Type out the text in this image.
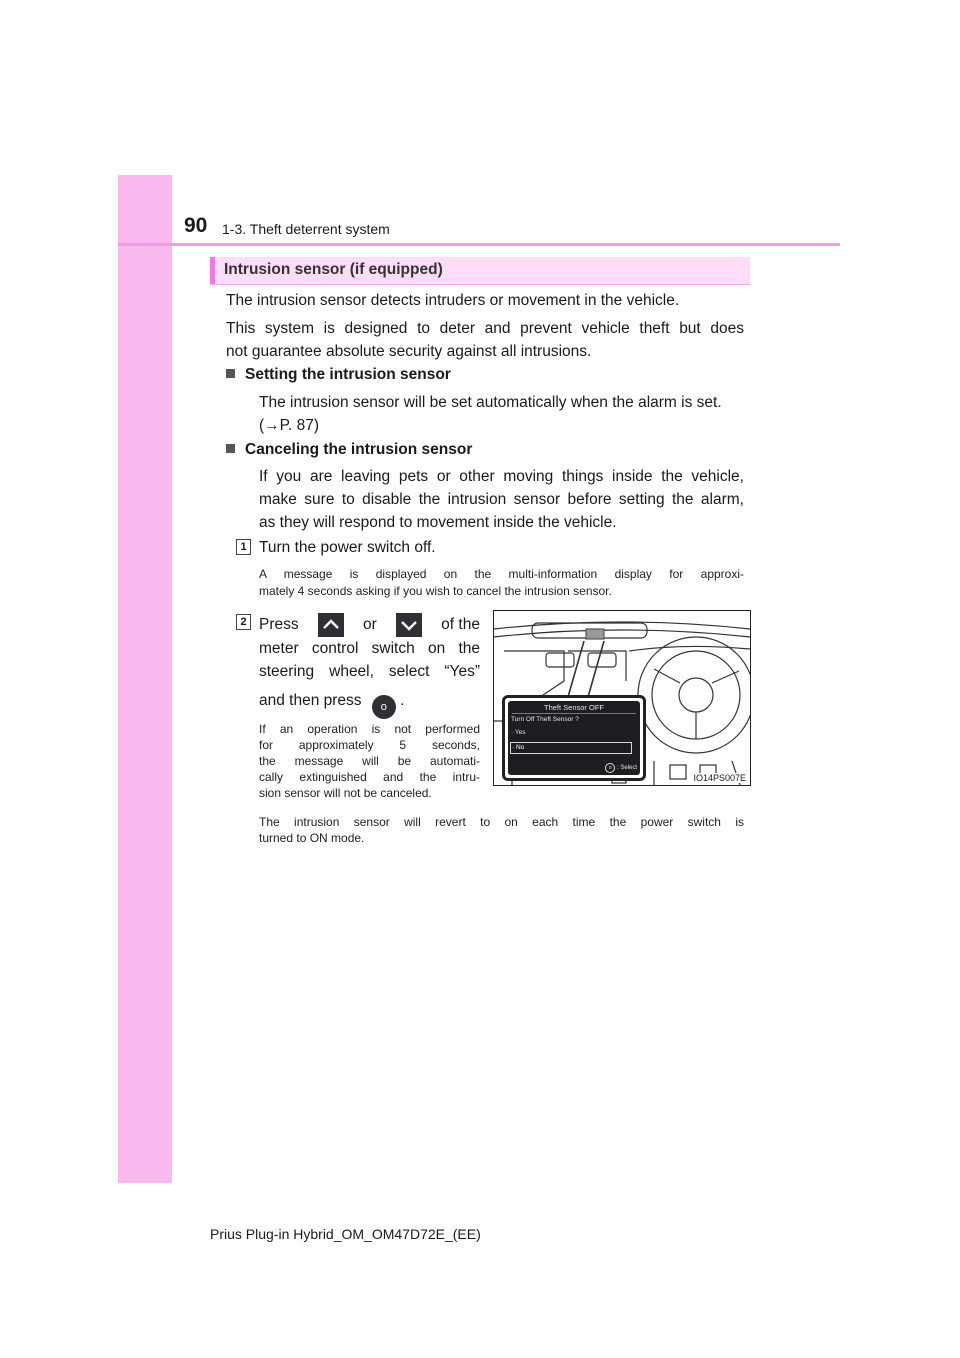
90 1-3. Theft deterrent system
Intrusion sensor (if equipped)
The intrusion sensor detects intruders or movement in the vehicle.
This system is designed to deter and prevent vehicle theft but does
not guarantee absolute security against all intrusions.
Setting the intrusion sensor
The intrusion sensor will be set automatically when the alarm is set.
(→P. 87)
Canceling the intrusion sensor
If you are leaving pets or other moving things inside the vehicle,
make sure to disable the intrusion sensor before setting the alarm,
as they will respond to movement inside the vehicle.
1 Turn the power switch off.
A message is displayed on the multi-information display for approxi-
mately 4 seconds asking if you wish to cancel the intrusion sensor.
2 Press	or	of the
meter control switch on the
steering wheel, select “Yes”
and then press o .
If an operation is not performed
for approximately 5 seconds,
the message will be automati-
cally extinguished and the intru-
sion sensor will not be canceled.
Theft Sensor OFF
Turn Off Theft Sensor ?
· Yes
· No
o : Select
IO14PS007E
The intrusion sensor will revert to on each time the power switch is
turned to ON mode.
Prius Plug-in Hybrid_OM_OM47D72E_(EE)
